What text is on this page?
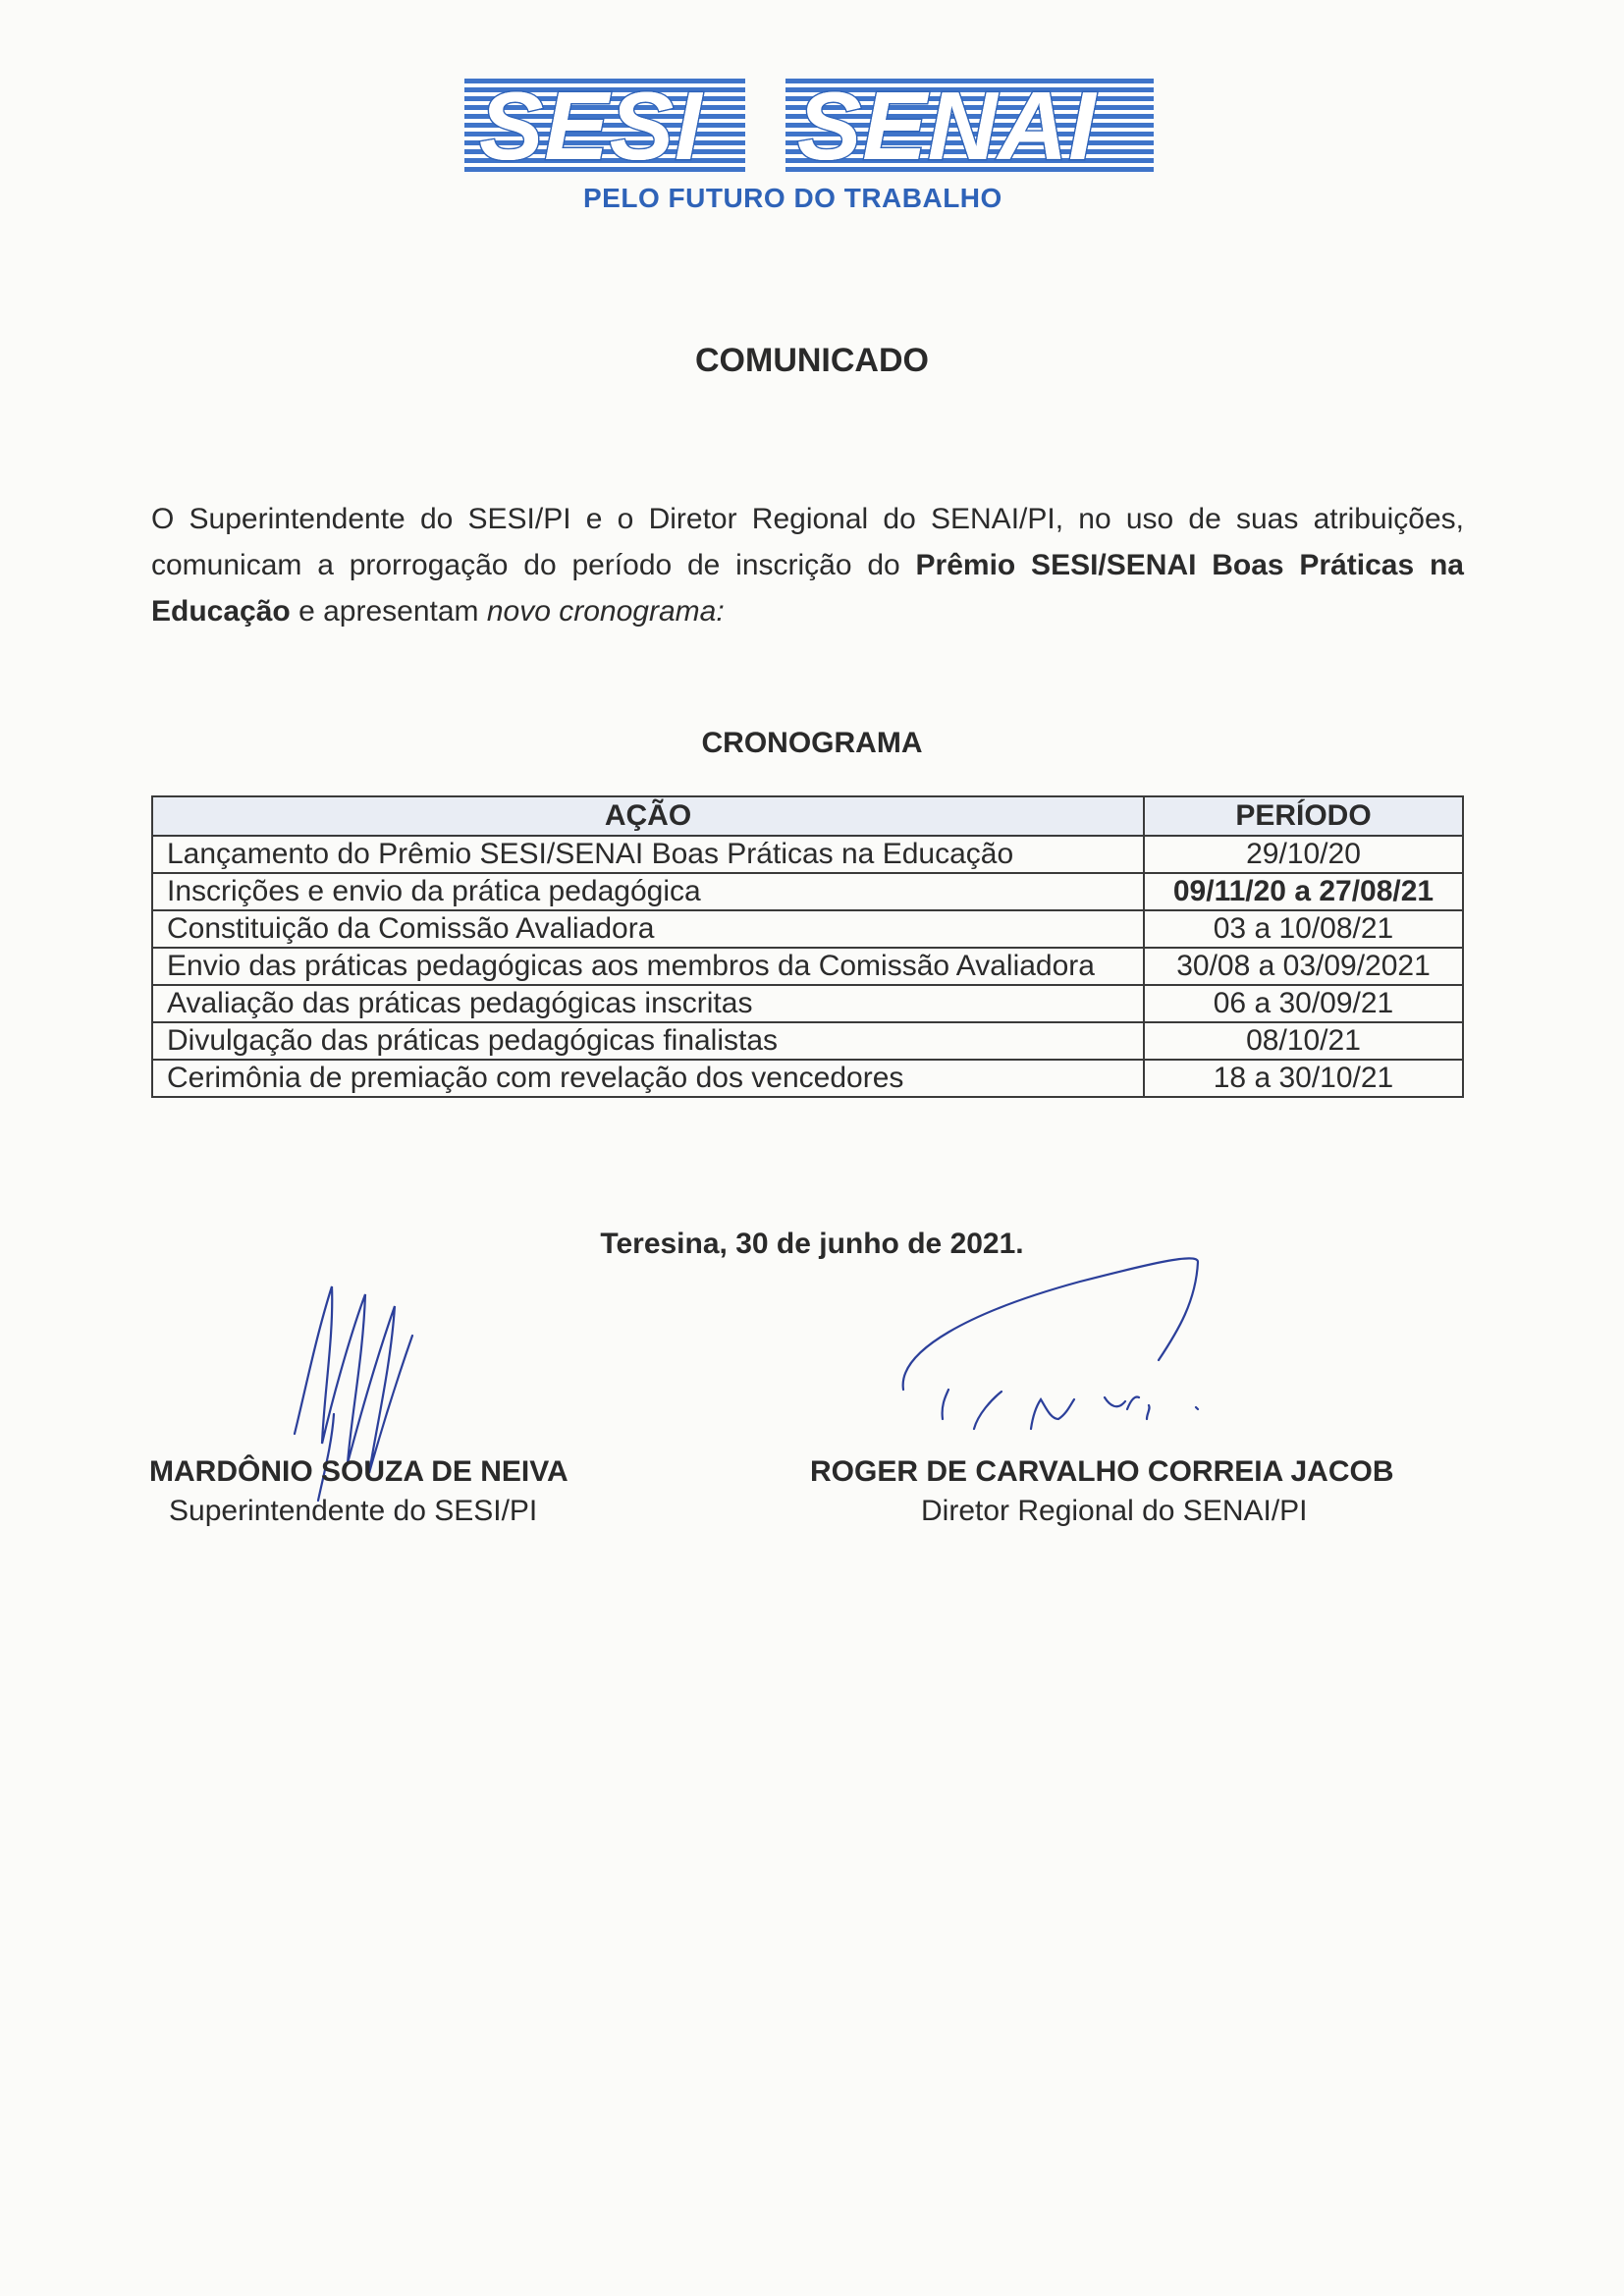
SESI SENAI
PELO FUTURO DO TRABALHO
COMUNICADO
O Superintendente do SESI/PI e o Diretor Regional do SENAI/PI, no uso de suas atribuições, comunicam a prorrogação do período de inscrição do Prêmio SESI/SENAI Boas Práticas na Educação e apresentam novo cronograma:
CRONOGRAMA
AÇÃO	PERÍODO
Lançamento do Prêmio SESI/SENAI Boas Práticas na Educação	29/10/20
Inscrições e envio da prática pedagógica	09/11/20 a 27/08/21
Constituição da Comissão Avaliadora	03 a 10/08/21
Envio das práticas pedagógicas aos membros da Comissão Avaliadora	30/08 a 03/09/2021
Avaliação das práticas pedagógicas inscritas	06 a 30/09/21
Divulgação das práticas pedagógicas finalistas	08/10/21
Cerimônia de premiação com revelação dos vencedores	18 a 30/10/21
Teresina, 30 de junho de 2021.
MARDÔNIO SOUZA DE NEIVA
Superintendente do SESI/PI
ROGER DE CARVALHO CORREIA JACOB
Diretor Regional do SENAI/PI
